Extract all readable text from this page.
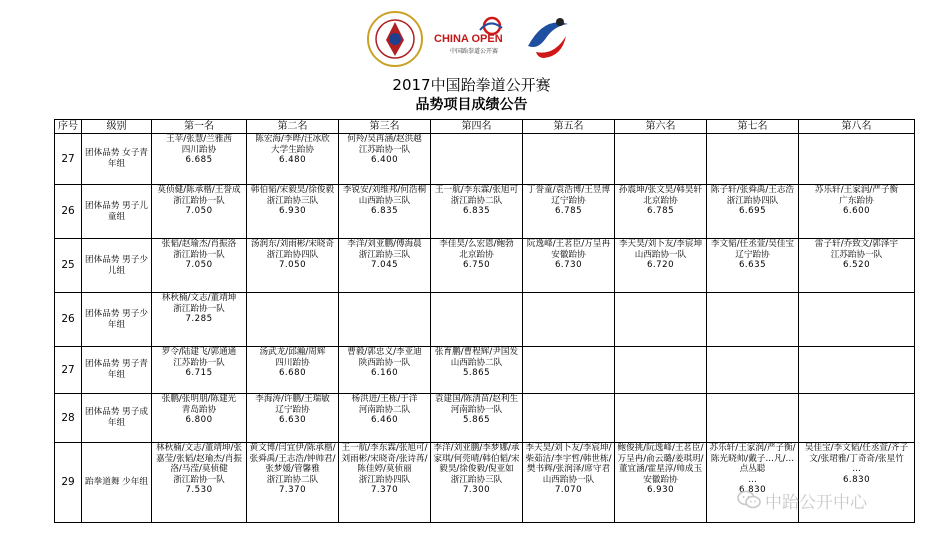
CHINA OPEN
中国跆拳道公开赛
2017中国跆拳道公开赛
品势项目成绩公告
序号	级别	第一名	第二名	第三名	第四名	第五名	第六名	第七名	第八名
27	团体品势 女子青年组	王苹/张慧/兰雅茜
四川跆协
6.685	陈宏海/李晔/汪冰欣
大学生跆协
6.480	何羚/吴再涵/赵洪越
江苏跆协一队
6.400					

26	团体品势 男子儿童组	莫侦健/陈承楷/王誉成
浙江跆协一队
7.050	韩伯韬/宋毅昊/徐俊毅
浙江跆协三队
6.930	李锐安/刘维邦/何浩桐
山西跆协三队
6.835	王一航/李东霖/张旭可
浙江跆协二队
6.835	丁誉童/袁浩博/王昱博
辽宁跆协
6.785	孙震坤/张文昊/韩昊轩
北京跆协
6.785	陈子轩/张舜禹/王志浩
浙江跆协四队
6.695	苏乐轩/王家润/严子衡
广东跆协
6.600

25	团体品势 男子少儿组	张韬/赵瑜杰/肖振洛
浙江跆协一队
7.050	汤润东/刘雨彬/宋晓奇
浙江跆协四队
7.050	李洋/刘亚鹏/傅海晨
浙江跆协三队
7.045	李佳昊/么宏恩/鲍勃
北京跆协
6.750	阮逸峰/王茗臣/万呈冉
安徽跆协
6.730	李天昊/刘卜友/李宸坤
山西跆协一队
6.720	李文韬/任丞萱/吴佳宝
辽宁跆协
6.635	雷子轩/乔致文/郭泽宇
江苏跆协一队
6.520

26	团体品势 男子少年组	林秋楠/文志/董靖坤
浙江跆协一队
7.285							

27	团体品势 男子青年组	罗令/陆建飞/郭通通
江苏跆协一队
6.715	汤武龙/邱瀚/周辉
四川跆协
6.680	曹毅/郭忠义/李亚迪
陕西跆协一队
6.160	张育鹏/曹程辉/尹国发
山西跆协二队
5.865				

28	团体品势 男子成年组	张鹏/张明朋/陈建光
青岛跆协
6.800	李海涛/许鹏/王瑞敏
辽宁跆协
6.630	杨洪进/王栋/于洋
河南跆协二队
6.460	袁建国/陈清苗/赵利生
河南跆协一队
5.865				

29	跆拳道舞 少年组	林秋楠/文志/董靖坤/张嘉莹/张韬/赵瑜杰/肖振洛/马滢/莫侦健
浙江跆协一队
7.530	黄文博/闫宜伊/陈承楷/张舜禹/王志浩/钟帅君/张梦媛/管馨雅
浙江跆协二队
7.370	王一航/李东霖/张旭可/刘雨彬/宋晓奇/张诗苒/陈佳婷/莫侦丽
浙江跆协四队
7.370	李洋/刘亚鹏/李梦娜/承家琪/何莞晴/韩伯韬/宋毅昊/徐俊毅/倪亚如
浙江跆协三队
7.300	李天昊/刘卜友/李宸坤/柴茹洁/李宇哲/韩世栋/樊书辉/张润泽/席守君
山西跆协一队
7.070	鲍俊挑/阮逸峰/王茗臣/万呈冉/俞云璐/姜琪玥/董宜涵/霍星淳/帅成玉
安徽跆协
6.930	苏乐轩/王家润/严子衡/陈光晓帅/戴子…凡/…点丛聪
…
6.830	吴佳宝/李文韬/任丞萱/齐子文/张珺雅/丁奇奇/张星竹
…
6.830
中跆公开中心
